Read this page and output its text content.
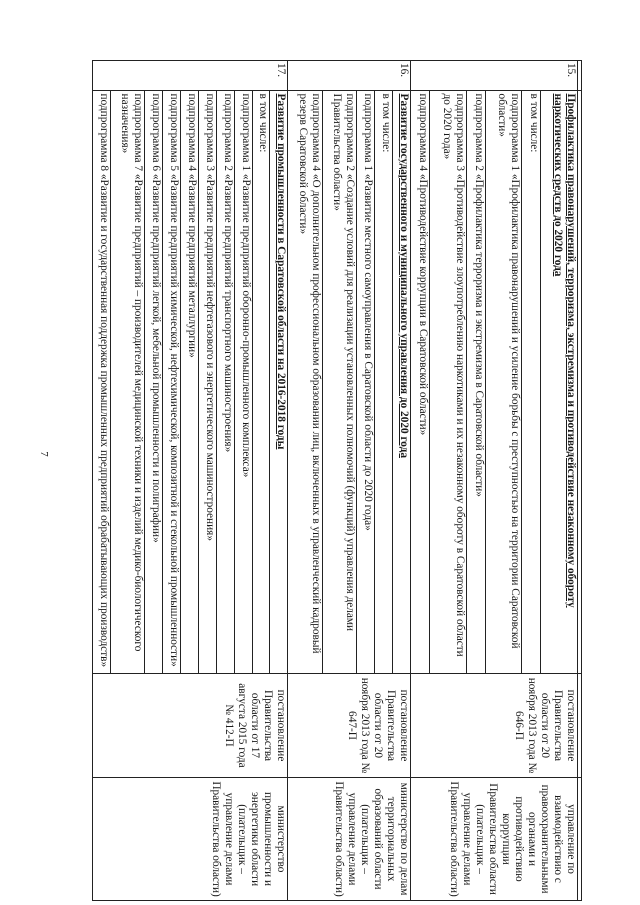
7

15.	Профилактика правонарушений, терроризма, экстремизма и противодействие незаконному обороту наркотических средств до 2020 года	постановление Правительства области от 20 ноября 2013 года № 646-П	управление по взаимодействию с правоохранительными органами и противодействию коррупции Правительства области (плательщик – управление делами Правительства области)
	в том числе:		
	подпрограмма 1 «Профилактика правонарушений и усиление борьбы с преступностью на территории Саратовской области»		
	подпрограмма 2 «Профилактика терроризма и экстремизма в Саратовской области»		
	подпрограмма 3 «Противодействие злоупотреблению наркотиками и их незаконному обороту в Саратовской области до 2020 года»		
	подпрограмма 4 «Противодействие коррупции в Саратовской области»		
16.	Развитие государственного и муниципального управления до 2020 года	постановление Правительства области от 20 ноября 2013 года № 647-П	министерство по делам территориальных образований области (плательщик – управление делами Правительства области)
	в том числе:		
	подпрограмма 1 «Развитие местного самоуправления в Саратовской области до 2020 года»		
	подпрограмма 2 «Создание условий для реализации установленных полномочий (функций) управления делами Правительства области»		
	подпрограмма 4 «О дополнительном профессиональном образовании лиц, включенных в управленческий кадровый резерв Саратовской области»		
17.	Развитие промышленности в Саратовской области на 2016-2018 годы	постановление Правительства области от 17 августа 2015 года № 412-П	министерство промышленности и энергетики области (плательщик – управление делами Правительства области)
	в том числе:		
	подпрограмма 1 «Развитие предприятий оборонно-промышленного комплекса»		
	подпрограмма 2 «Развитие предприятий транспортного машиностроения»		
	подпрограмма 3 «Развитие предприятий нефтегазового и энергетического машиностроения»		
	подпрограмма 4 «Развитие предприятий металлургии»		
	подпрограмма 5 «Развитие предприятий химической, нефтехимической, композитной и стекольной промышленности»		
	подпрограмма 6 «Развитие предприятий легкой, мебельной промышленности и полиграфии»		
	подпрограмма 7 «Развитие предприятий – производителей медицинской техники и изделий медико-биологического назначения»		
	подпрограмма 8 «Развитие и государственная поддержка промышленных предприятий обрабатывающих производств»		
